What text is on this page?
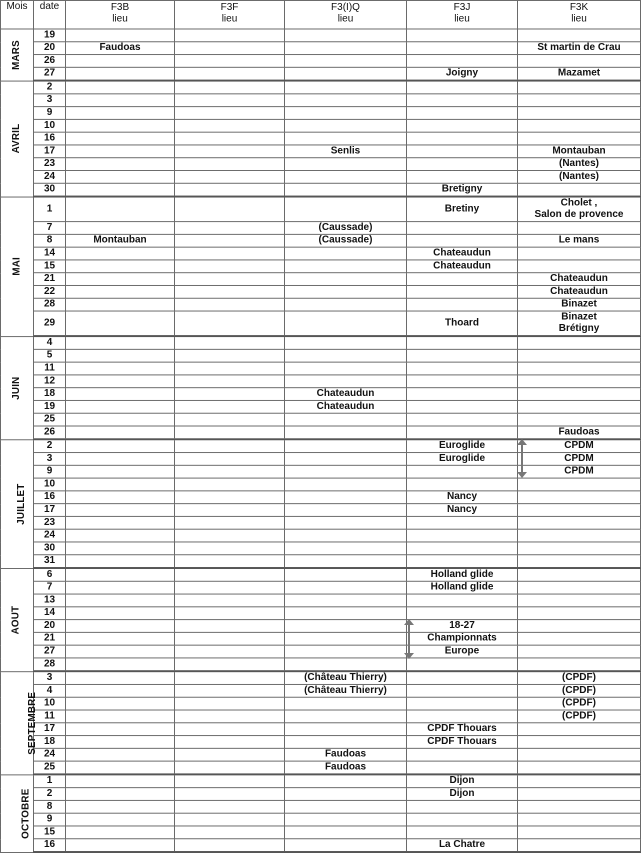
Mois	date	F3B
lieu	F3F
lieu	F3(I)Q
lieu	F3J
lieu	F3K
lieu

MARS	19					
	20	Faudoas				St martin de Crau
	26					
	27				Joigny	Mazamet
AVRIL	2					
	3					
	9					
	10					
	16					
	17			Senlis		Montauban
	23					(Nantes)
	24					(Nantes)
	30				Bretigny	
MAI	1				Bretiny	Cholet ,
Salon de provence

	7			(Caussade)		
	8	Montauban		(Caussade)		Le mans
	14				Chateaudun	
	15				Chateaudun	
	21					Chateaudun
	22					Chateaudun
	28					Binazet
	29				Thoard	Binazet
Brétigny

JUIN	4					
	5					
	11					
	12					
	18			Chateaudun		
	19			Chateaudun		
	25					
	26					Faudoas
JUILLET	2				Euroglide	CPDM
	3				Euroglide	CPDM
	9					CPDM
	10					
	16				Nancy	
	17				Nancy	
	23					
	24					
	30					
	31					
AOUT	6				Holland glide	
	7				Holland glide	
	13					
	14					
	20				18-27	
	21				Championnats	
	27				Europe	
	28					
SEPTEMBRE	3			(Château Thierry)		(CPDF)
	4			(Château Thierry)		(CPDF)
	10					(CPDF)
	11					(CPDF)
	17				CPDF Thouars	
	18				CPDF Thouars	
	24			Faudoas		
	25			Faudoas		
OCTOBRE	1				Dijon	
	2				Dijon	
	8					
	9					
	15					
	16				La Chatre	
